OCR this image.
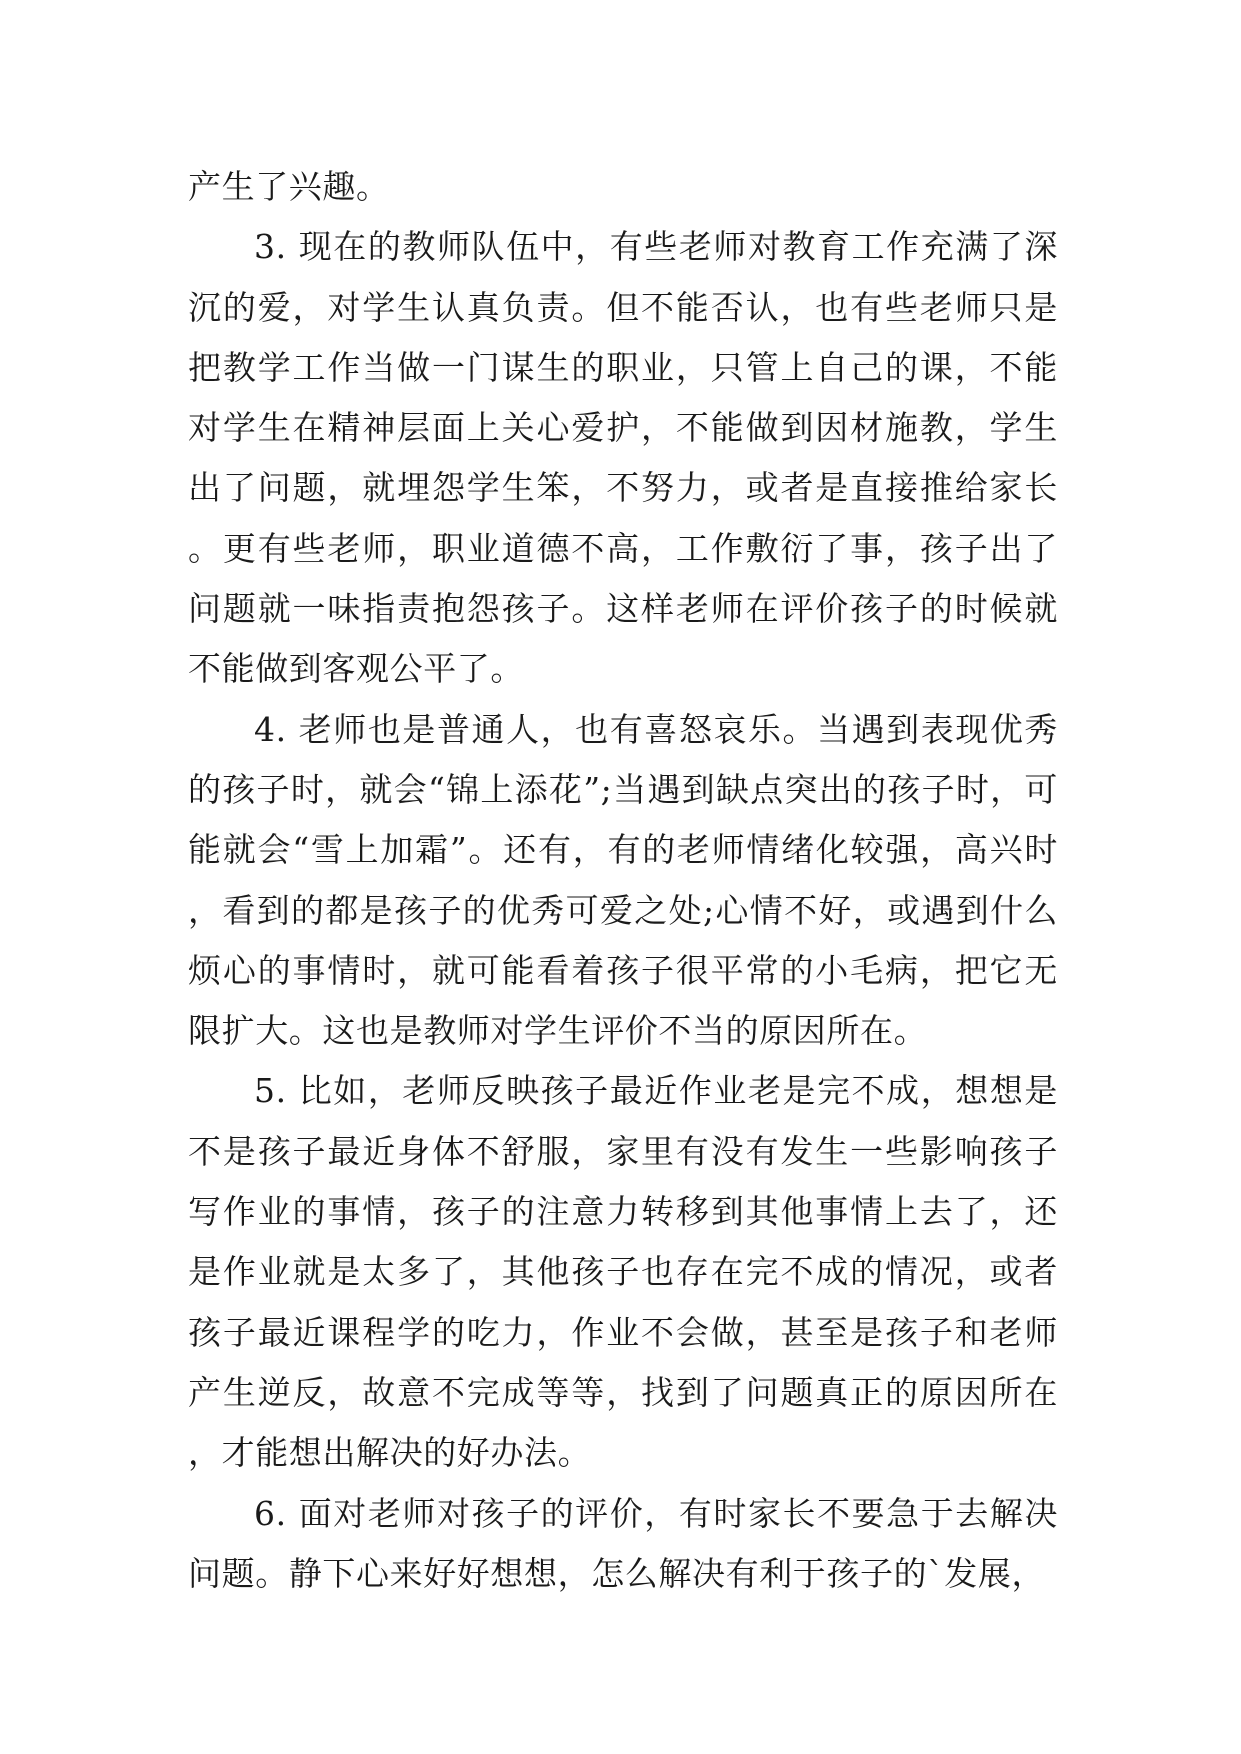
产生了兴趣。

3. 现在的教师队伍中，有些老师对教育工作充满了深沉的爱，对学生认真负责。但不能否认，也有些老师只是把教学工作当做一门谋生的职业，只管上自己的课，不能对学生在精神层面上关心爱护，不能做到因材施教，学生出了问题，就埋怨学生笨，不努力，或者是直接推给家长。更有些老师，职业道德不高，工作敷衍了事，孩子出了问题就一味指责抱怨孩子。这样老师在评价孩子的时候就不能做到客观公平了。

4. 老师也是普通人，也有喜怒哀乐。当遇到表现优秀的孩子时，就会“锦上添花”;当遇到缺点突出的孩子时，可能就会“雪上加霜”。还有，有的老师情绪化较强，高兴时，看到的都是孩子的优秀可爱之处;心情不好，或遇到什么烦心的事情时，就可能看着孩子很平常的小毛病，把它无限扩大。这也是教师对学生评价不当的原因所在。

5. 比如，老师反映孩子最近作业老是完不成，想想是不是孩子最近身体不舒服，家里有没有发生一些影响孩子写作业的事情，孩子的注意力转移到其他事情上去了，还是作业就是太多了，其他孩子也存在完不成的情况，或者孩子最近课程学的吃力，作业不会做，甚至是孩子和老师产生逆反，故意不完成等等，找到了问题真正的原因所在，才能想出解决的好办法。

6. 面对老师对孩子的评价，有时家长不要急于去解决问题。静下心来好好想想，怎么解决有利于孩子的`发展，
